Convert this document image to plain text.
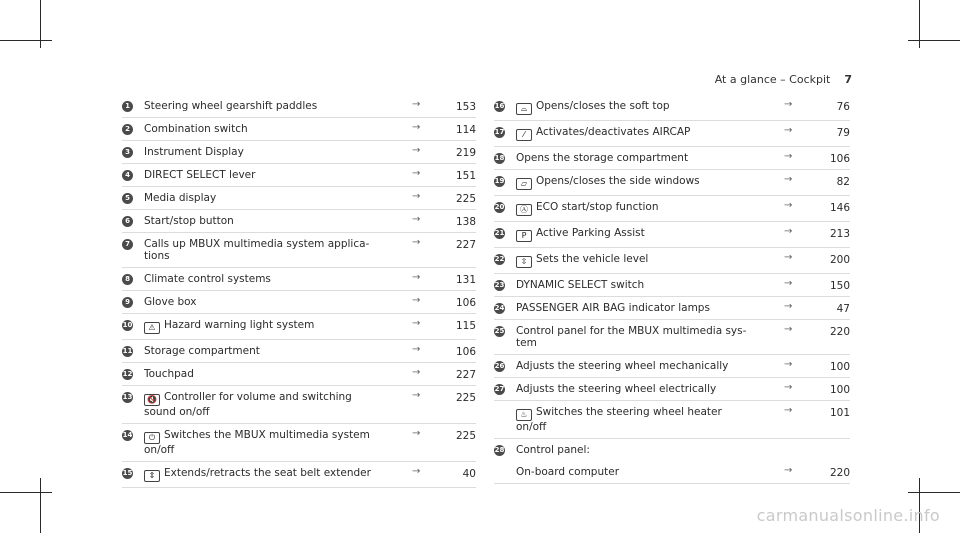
At a glance – Cockpit 7
1 Steering wheel gearshift paddles	→	153
2 Combination switch	→	114
3 Instrument Display	→	219
4 DIRECT SELECT lever	→	151
5 Media display	→	225
6 Start/stop button	→	138
7 Calls up MBUX multimedia system applica-
tions
→	227
8 Climate control systems	→	131
9 Glove box	→	106
10	⚠ Hazard warning light system	→	115
11 Storage compartment	→	106
12 Touchpad	→	227
13	🔇 Controller for volume and switching
sound on/off
→	225
14	⏻ Switches the MBUX multimedia system
on/off
→	225
15	⇕ Extends/retracts the seat belt extender	→	40
16	⌓ Opens/closes the soft top	→	76
17	⁄ Activates/deactivates AIRCAP	→	79
18 Opens the storage compartment	→	106
19	▱ Opens/closes the side windows	→	82
20	Ⓐ ECO start/stop function	→	146
21	P Active Parking Assist	→	213
22	⇳ Sets the vehicle level	→	200
23 DYNAMIC SELECT switch	→	150
24 PASSENGER AIR BAG indicator lamps	→	47
25 Control panel for the MBUX multimedia sys-
tem
→	220
26 Adjusts the steering wheel mechanically	→	100
27 Adjusts the steering wheel electrically	→	100
♨ Switches the steering wheel heater
on/off
→	101
28 Control panel:
On-board computer	→	220
carmanualsonline.info
